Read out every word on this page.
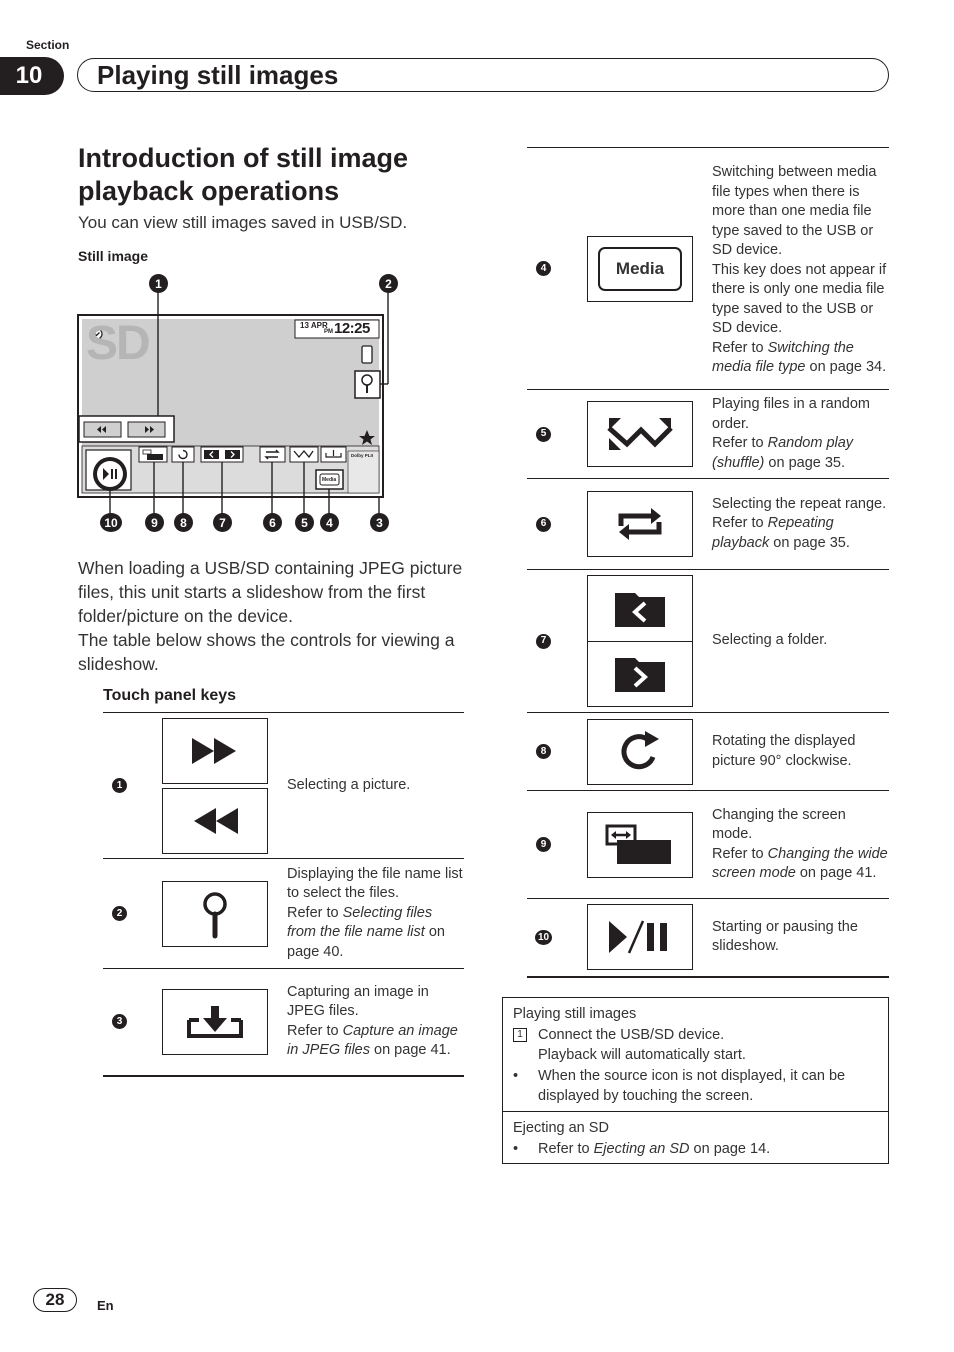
Section
10	Playing still images
Introduction of still image playback operations
You can view still images saved in USB/SD.
Still image
SD	13 APR
PM 12:25
Media
Dolby PLII
1	2
3
4
5
6
7
8
9
10
When loading a USB/SD containing JPEG picture files, this unit starts a slideshow from the first folder/picture on the device.
The table below shows the controls for viewing a slideshow.
Touch panel keys
1		Selecting a picture.

2		Displaying the file name list to select the files.
Refer to Selecting files from the file name list on page 40.

3		Capturing an image in JPEG files.
Refer to Capture an image in JPEG files on page 41.
4	Media	Switching between media file types when there is more than one media file type saved to the USB or SD device.
This key does not appear if there is only one media file type saved to the USB or SD device.
Refer to Switching the media file type on page 34.

5		Playing files in a random order.
Refer to Random play (shuffle) on page 35.

6		Selecting the repeat range.
Refer to Repeating playback on page 35.

7		Selecting a folder.

8		Rotating the displayed picture 90° clockwise.

9		Changing the screen mode.
Refer to Changing the wide screen mode on page 41.

10		Starting or pausing the slideshow.
Playing still images
1	Connect the USB/SD device.
Playback will automatically start.
•	When the source icon is not displayed, it can be displayed by touching the screen.
Ejecting an SD
•	Refer to Ejecting an SD on page 14.
28	En
